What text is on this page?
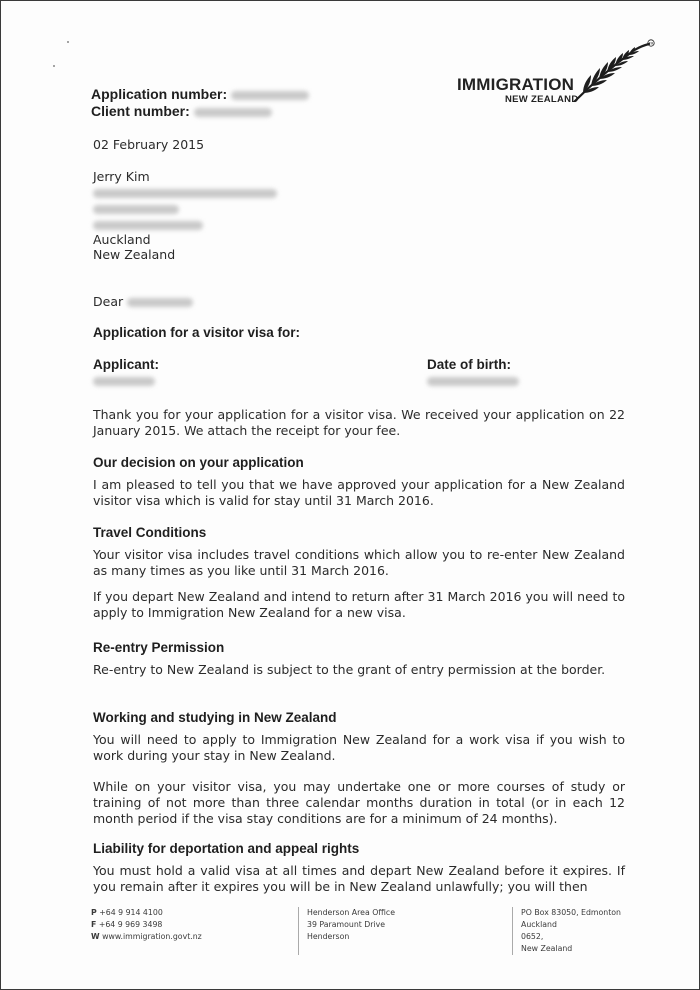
Application number:
Client number:
IMMIGRATION
NEW ZEALAND
TM
02 February 2015
Jerry Kim
Auckland
New Zealand
Dear
Application for a visitor visa for:
Applicant:	Date of birth:
Thank you for your application for a visitor visa. We received your application on 22 January 2015. We attach the receipt for your fee.
Our decision on your application
I am pleased to tell you that we have approved your application for a New Zealand visitor visa which is valid for stay until 31 March 2016.
Travel Conditions
Your visitor visa includes travel conditions which allow you to re-enter New Zealand as many times as you like until 31 March 2016.
If you depart New Zealand and intend to return after 31 March 2016 you will need to apply to Immigration New Zealand for a new visa.
Re-entry Permission
Re-entry to New Zealand is subject to the grant of entry permission at the border.
Working and studying in New Zealand
You will need to apply to Immigration New Zealand for a work visa if you wish to work during your stay in New Zealand.
While on your visitor visa, you may undertake one or more courses of study or training of not more than three calendar months duration in total (or in each 12 month period if the visa stay conditions are for a minimum of 24 months).
Liability for deportation and appeal rights
You must hold a valid visa at all times and depart New Zealand before it expires. If you remain after it expires you will be in New Zealand unlawfully; you will then
P +64 9 914 4100
F +64 9 969 3498
W www.immigration.govt.nz
Henderson Area Office
39 Paramount Drive
Henderson
PO Box 83050, Edmonton
Auckland
0652,
New Zealand
